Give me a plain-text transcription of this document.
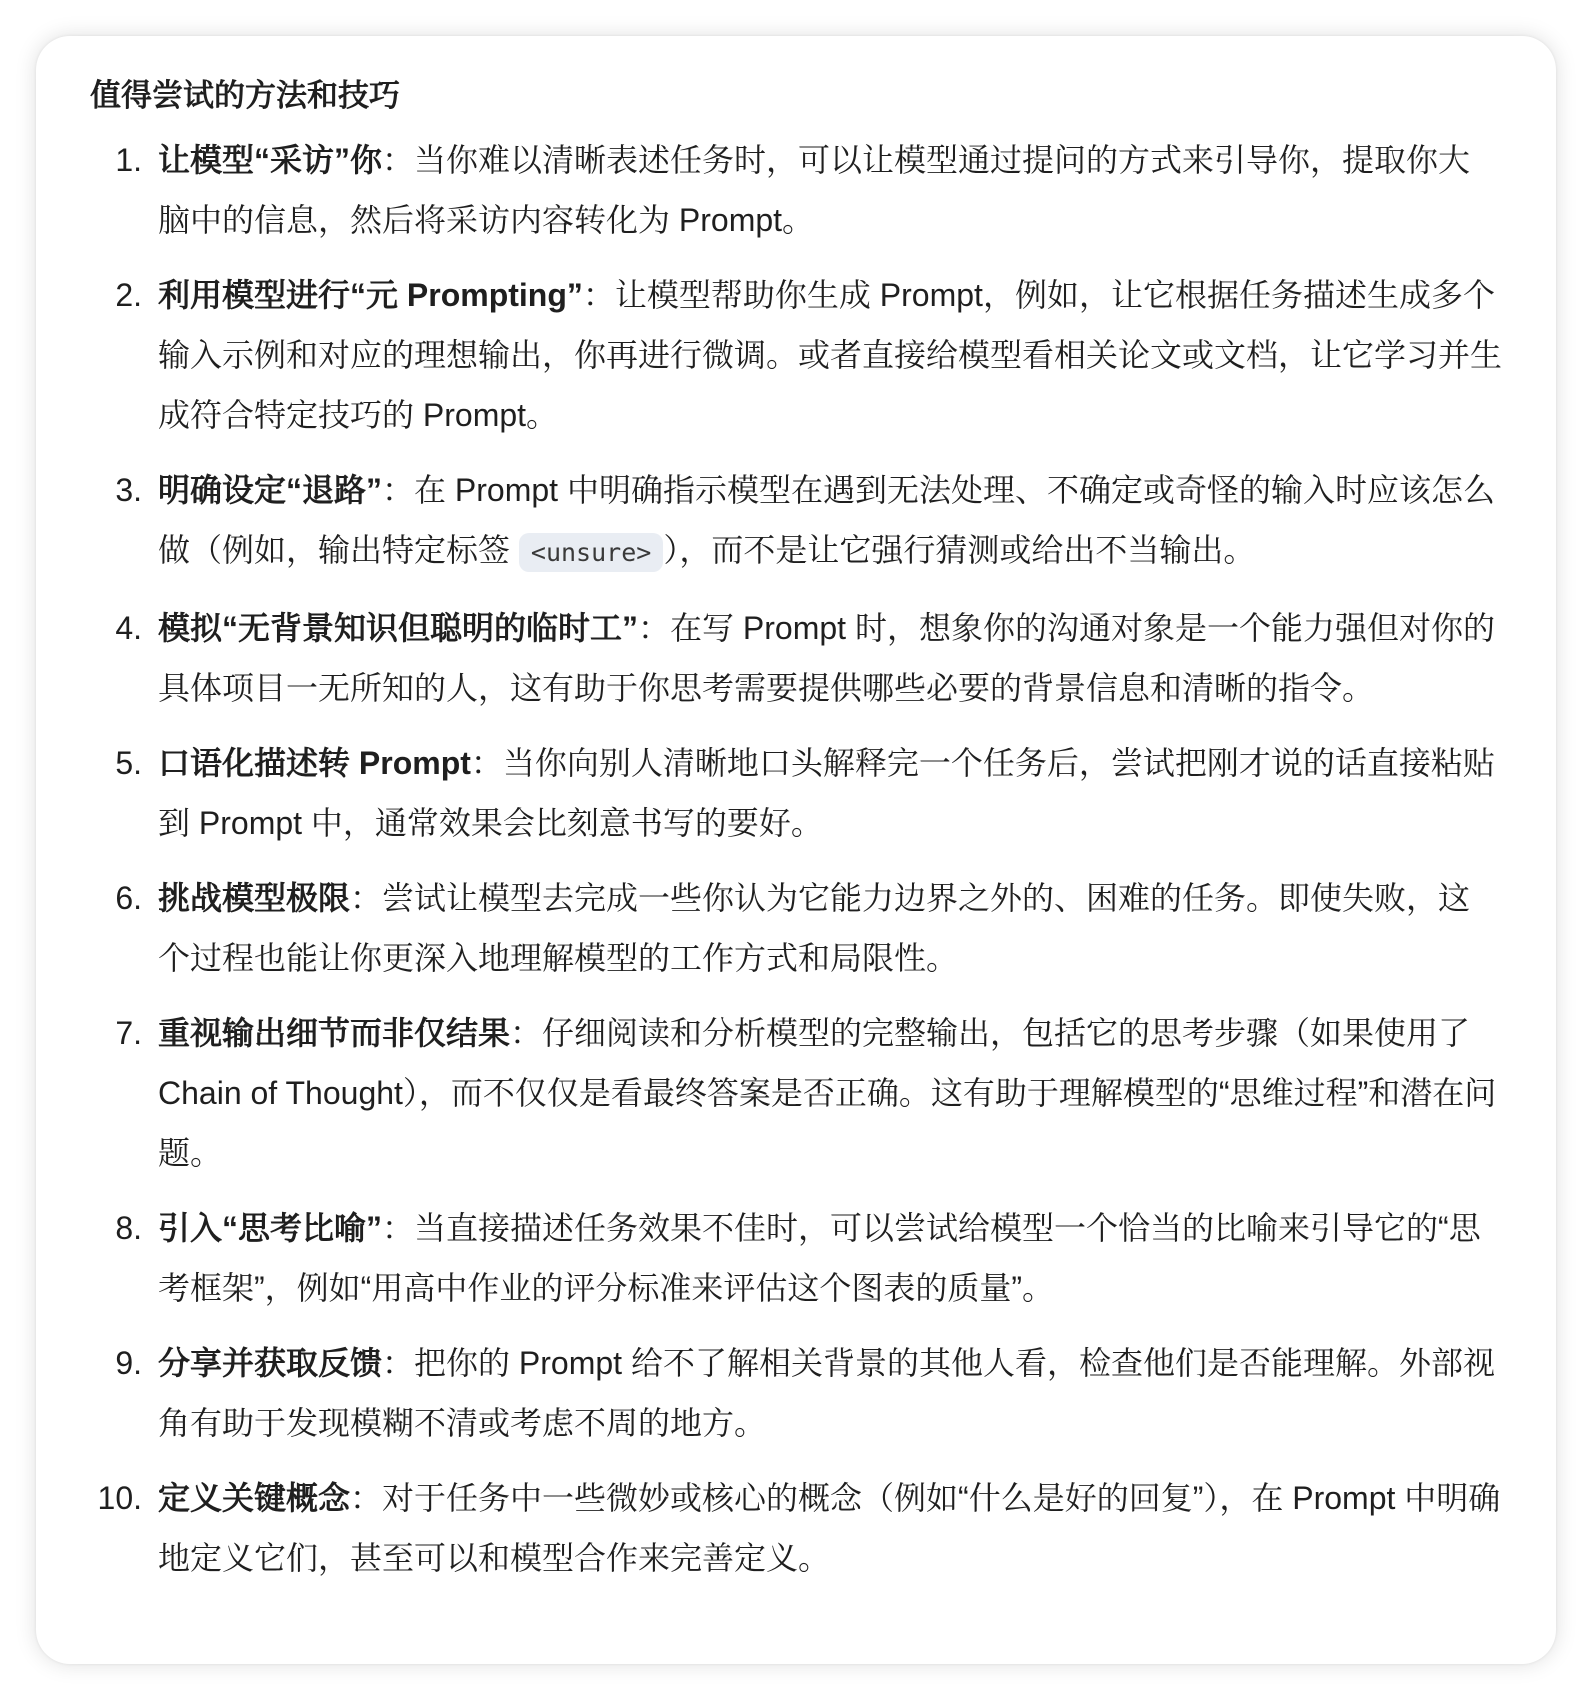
值得尝试的方法和技巧
1. 让模型“采访”你：当你难以清晰表述任务时，可以让模型通过提问的方式来引导你，提取你大脑中的信息，然后将采访内容转化为 Prompt。
2. 利用模型进行“元 Prompting”：让模型帮助你生成 Prompt，例如，让它根据任务描述生成多个输入示例和对应的理想输出，你再进行微调。或者直接给模型看相关论文或文档，让它学习并生成符合特定技巧的 Prompt。
3. 明确设定“退路”：在 Prompt 中明确指示模型在遇到无法处理、不确定或奇怪的输入时应该怎么做（例如，输出特定标签 <unsure> ），而不是让它强行猜测或给出不当输出。
4. 模拟“无背景知识但聪明的临时工”：在写 Prompt 时，想象你的沟通对象是一个能力强但对你的具体项目一无所知的人，这有助于你思考需要提供哪些必要的背景信息和清晰的指令。
5. 口语化描述转 Prompt：当你向别人清晰地口头解释完一个任务后，尝试把刚才说的话直接粘贴到 Prompt 中，通常效果会比刻意书写的要好。
6. 挑战模型极限：尝试让模型去完成一些你认为它能力边界之外的、困难的任务。即使失败，这个过程也能让你更深入地理解模型的工作方式和局限性。
7. 重视输出细节而非仅结果：仔细阅读和分析模型的完整输出，包括它的思考步骤（如果使用了 Chain of Thought），而不仅仅是看最终答案是否正确。这有助于理解模型的“思维过程”和潜在问题。
8. 引入“思考比喻”：当直接描述任务效果不佳时，可以尝试给模型一个恰当的比喻来引导它的“思考框架”，例如“用高中作业的评分标准来评估这个图表的质量”。
9. 分享并获取反馈：把你的 Prompt 给不了解相关背景的其他人看，检查他们是否能理解。外部视角有助于发现模糊不清或考虑不周的地方。
10. 定义关键概念：对于任务中一些微妙或核心的概念（例如“什么是好的回复”），在 Prompt 中明确地定义它们，甚至可以和模型合作来完善定义。
